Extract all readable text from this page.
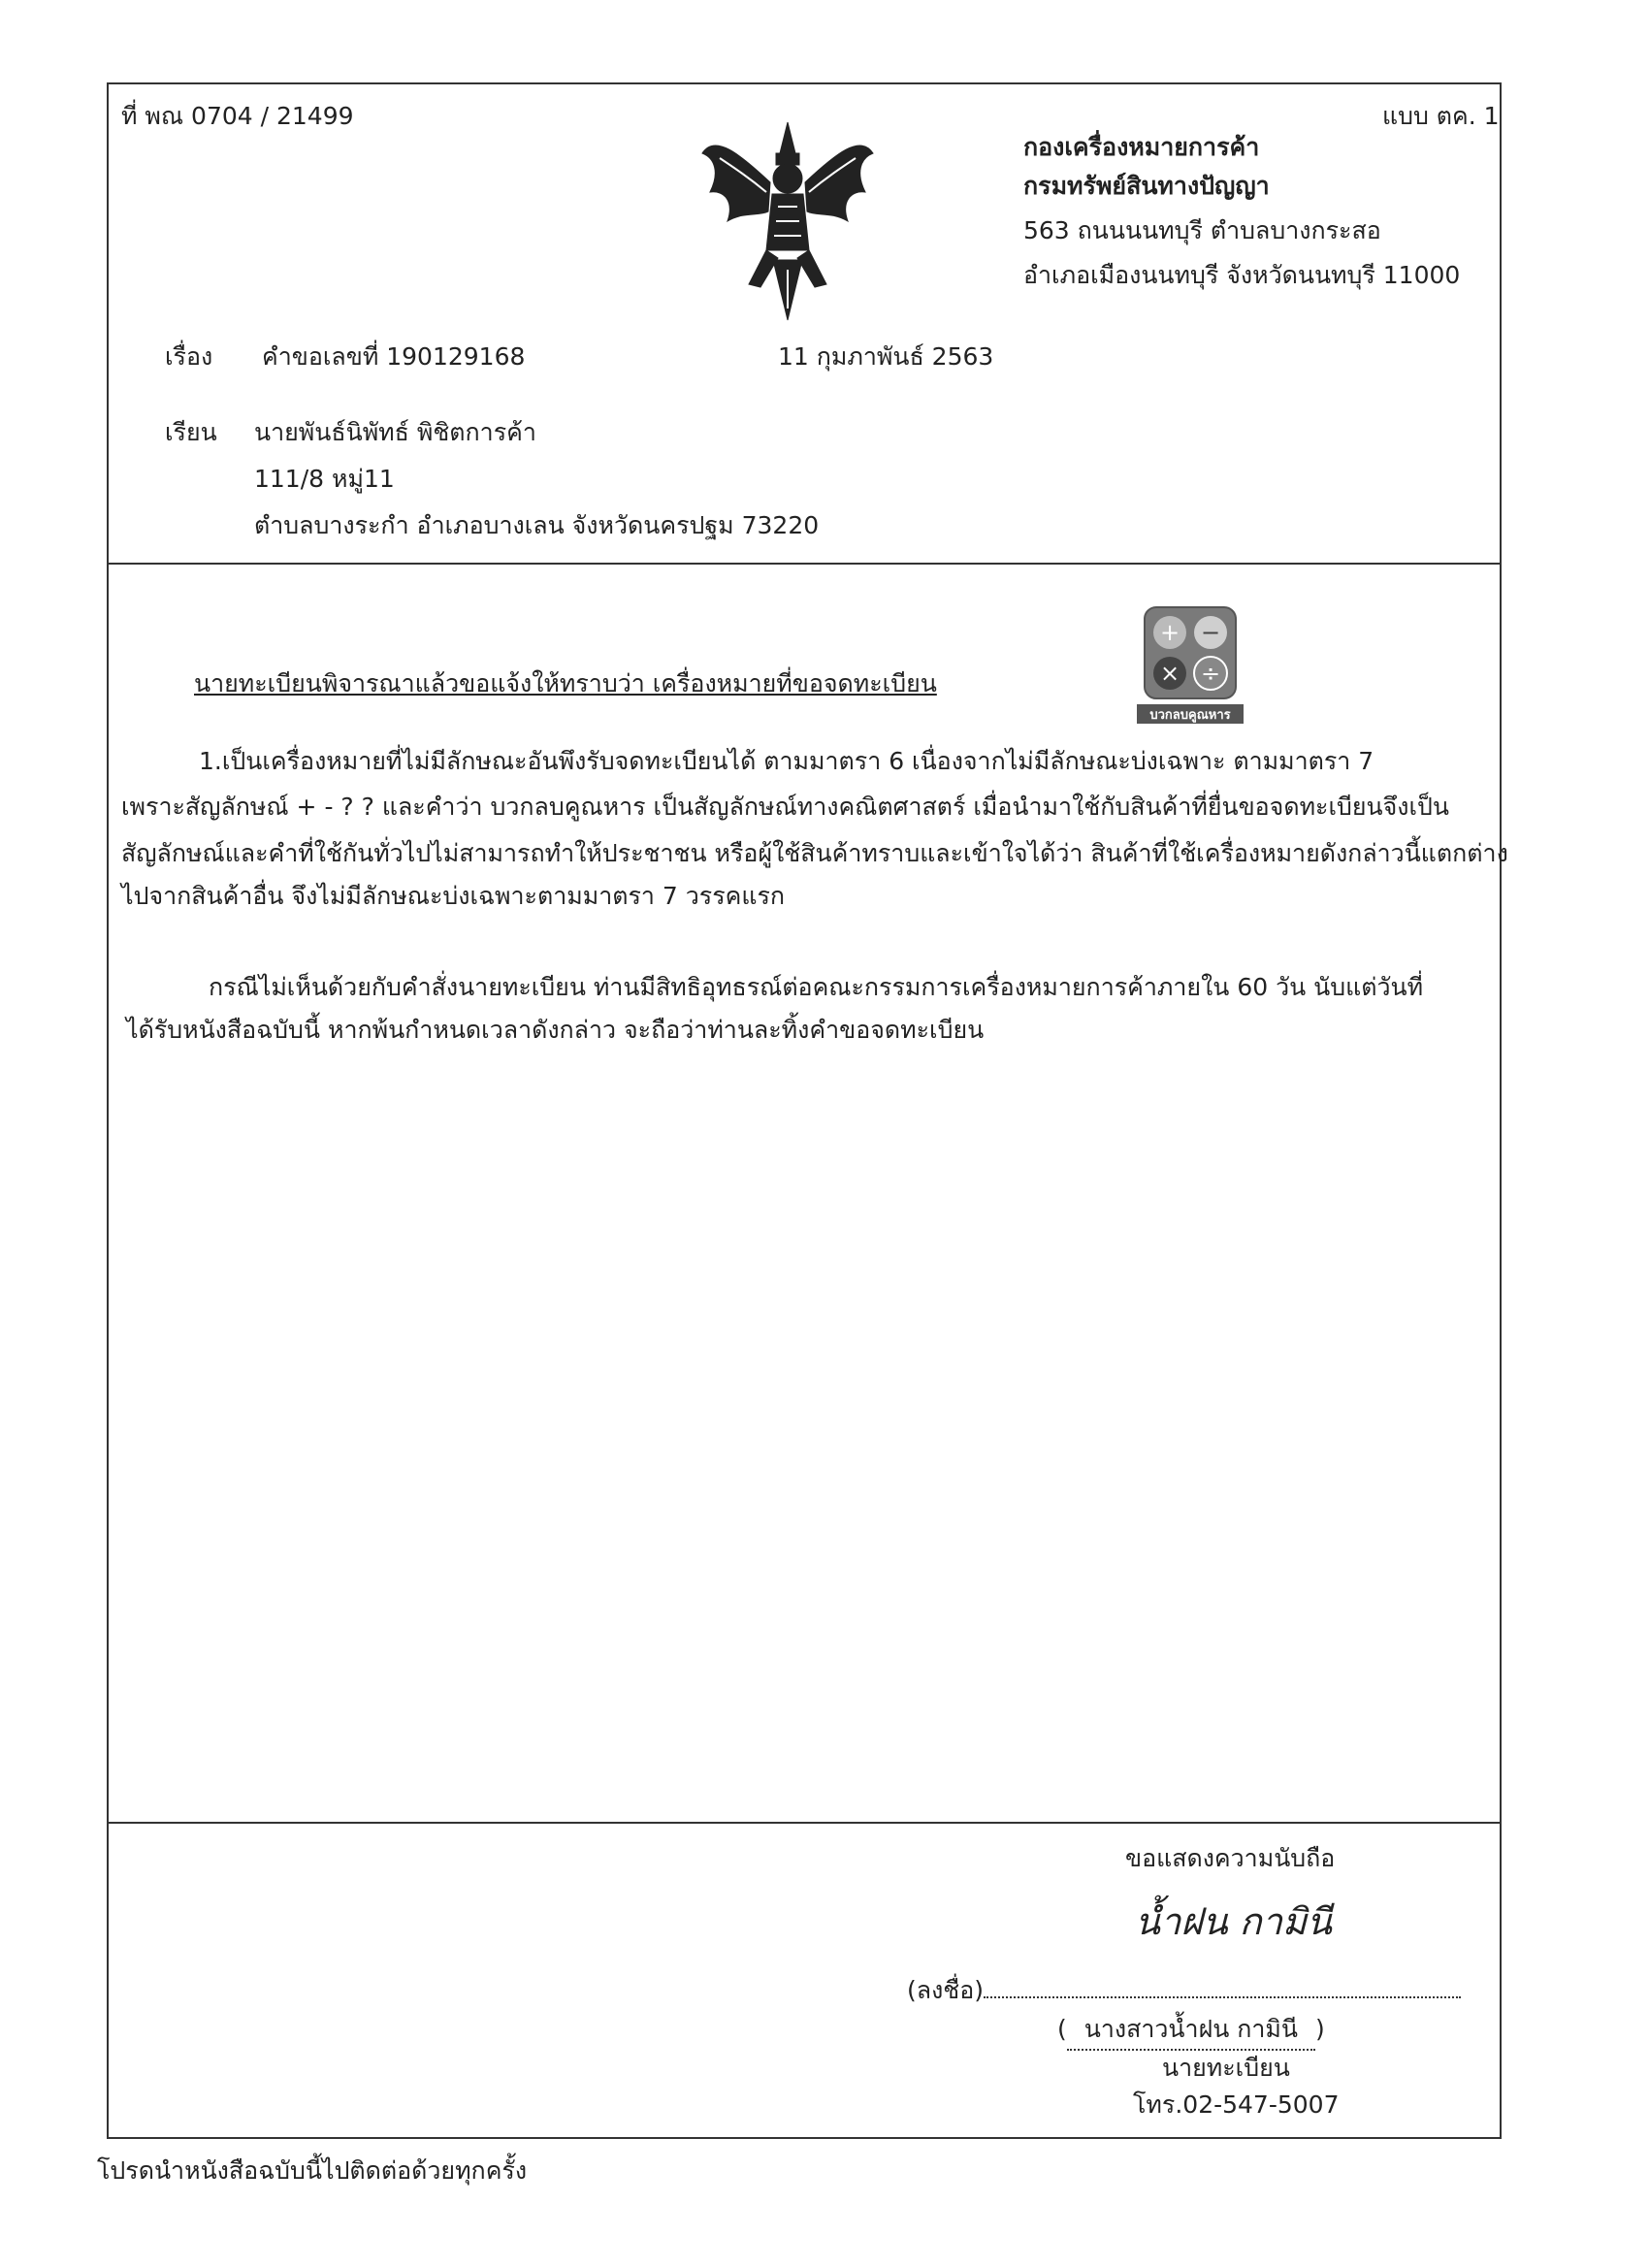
ที่ พณ 0704 / 21499	แบบ ตค. 1
กองเครื่องหมายการค้า
กรมทรัพย์สินทางปัญญา
563 ถนนนนทบุรี ตำบลบางกระสอ
อำเภอเมืองนนทบุรี จังหวัดนนทบุรี 11000
เรื่อง คำขอเลขที่ 190129168	11 กุมภาพันธ์ 2563
เรียน นายพันธ์นิพัทธ์ พิชิตการค้า
111/8 หมู่11
ตำบลบางระกำ อำเภอบางเลน จังหวัดนครปฐม 73220
+ −
× ÷
บวกลบคูณหาร
นายทะเบียนพิจารณาแล้วขอแจ้งให้ทราบว่า เครื่องหมายที่ขอจดทะเบียน
1.เป็นเครื่องหมายที่ไม่มีลักษณะอันพึงรับจดทะเบียนได้ ตามมาตรา 6 เนื่องจากไม่มีลักษณะบ่งเฉพาะ ตามมาตรา 7
เพราะสัญลักษณ์ + - ? ? และคำว่า บวกลบคูณหาร เป็นสัญลักษณ์ทางคณิตศาสตร์ เมื่อนำมาใช้กับสินค้าที่ยื่นขอจดทะเบียนจึงเป็น
สัญลักษณ์และคำที่ใช้กันทั่วไปไม่สามารถทำให้ประชาชน หรือผู้ใช้สินค้าทราบและเข้าใจได้ว่า สินค้าที่ใช้เครื่องหมายดังกล่าวนี้แตกต่าง
ไปจากสินค้าอื่น จึงไม่มีลักษณะบ่งเฉพาะตามมาตรา 7 วรรคแรก
กรณีไม่เห็นด้วยกับคำสั่งนายทะเบียน ท่านมีสิทธิอุทธรณ์ต่อคณะกรรมการเครื่องหมายการค้าภายใน 60 วัน นับแต่วันที่
ได้รับหนังสือฉบับนี้ หากพ้นกำหนดเวลาดังกล่าว จะถือว่าท่านละทิ้งคำขอจดทะเบียน
ขอแสดงความนับถือ
น้ำฝน กามินี
(ลงชื่อ)
( นางสาวน้ำฝน กามินี )
นายทะเบียน
โทร.02-547-5007
โปรดนำหนังสือฉบับนี้ไปติดต่อด้วยทุกครั้ง
